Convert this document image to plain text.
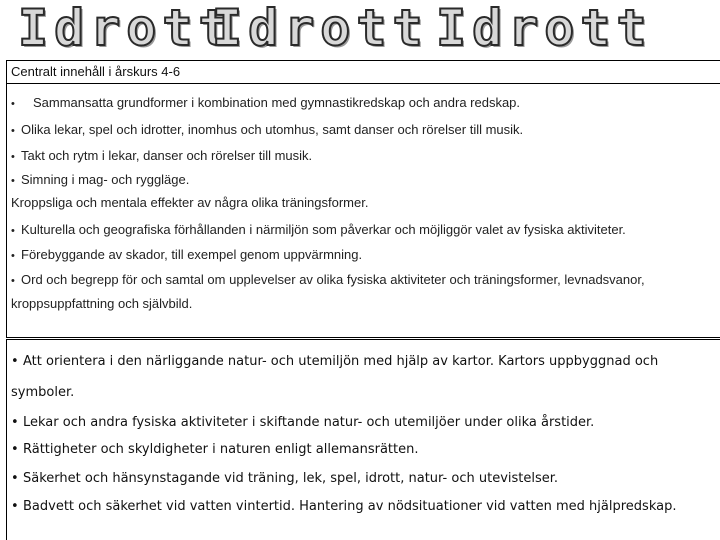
Idrott
Idrott Idrott
Centralt innehåll i årskurs 4-6
• Sammansatta grundformer i kombination med gymnastikredskap och andra redskap.
• Olika lekar, spel och idrotter, inomhus och utomhus, samt danser och rörelser till musik.
• Takt och rytm i lekar, danser och rörelser till musik.
• Simning i mag- och ryggläge.
Kroppsliga och mentala effekter av några olika träningsformer.
• Kulturella och geografiska förhållanden i närmiljön som påverkar och möjliggör valet av fysiska aktiviteter.
• Förebyggande av skador, till exempel genom uppvärmning.
• Ord och begrepp för och samtal om upplevelser av olika fysiska aktiviteter och träningsformer, levnadsvanor,
kroppsuppfattning och självbild.
• Att orientera i den närliggande natur- och utemiljön med hjälp av kartor. Kartors uppbyggnad och
symboler.
• Lekar och andra fysiska aktiviteter i skiftande natur- och utemiljöer under olika årstider.
• Rättigheter och skyldigheter i naturen enligt allemansrätten.
• Säkerhet och hänsynstagande vid träning, lek, spel, idrott, natur- och utevistelser.
• Badvett och säkerhet vid vatten vintertid. Hantering av nödsituationer vid vatten med hjälpredskap.
